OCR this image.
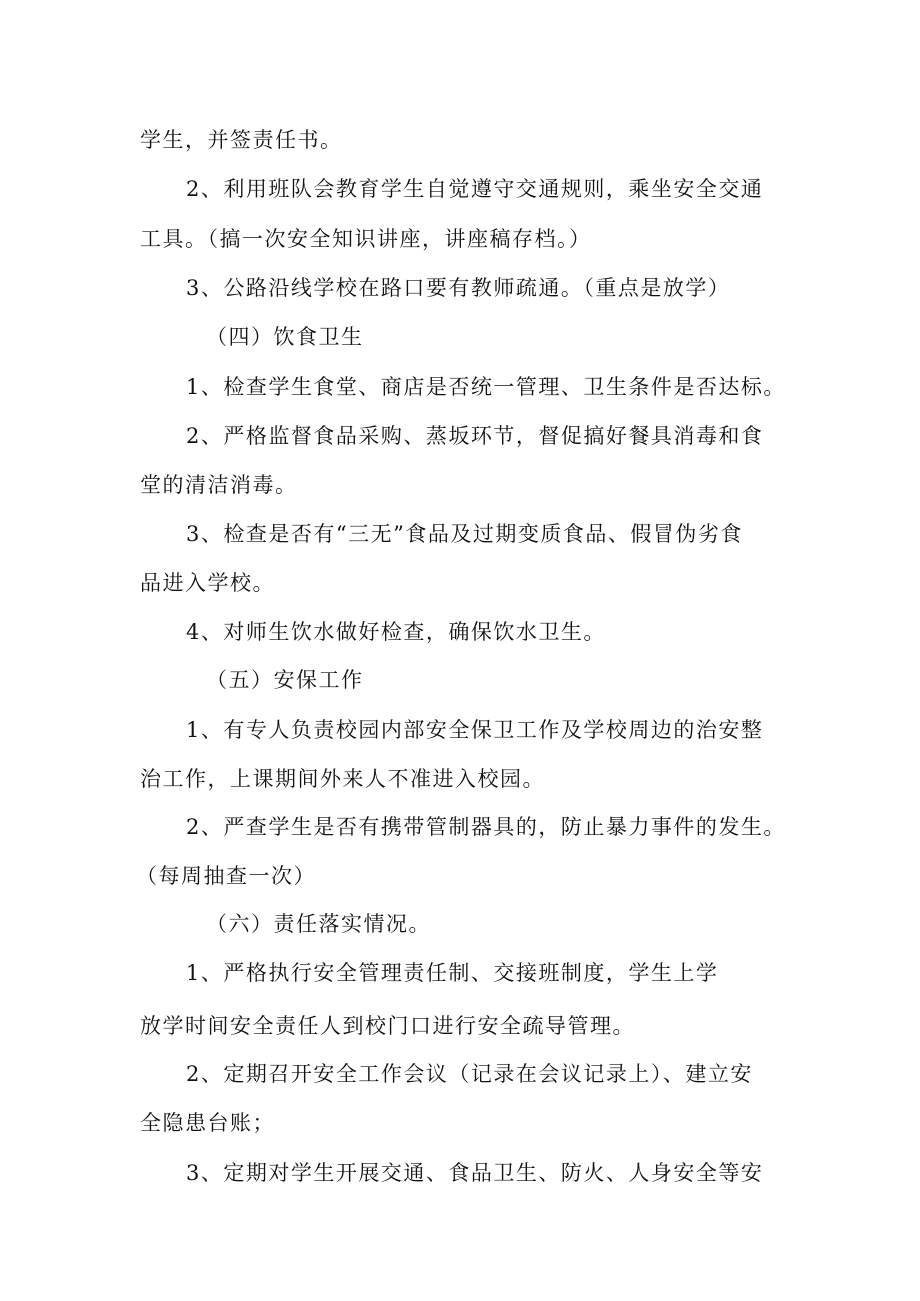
学生，并签责任书。
2、利用班队会教育学生自觉遵守交通规则，乘坐安全交通
工具。（搞一次安全知识讲座，讲座稿存档。）
3、公路沿线学校在路口要有教师疏通。（重点是放学）
（四）饮食卫生
1、检查学生食堂、商店是否统一管理、卫生条件是否达标。
2、严格监督食品采购、蒸坂环节，督促搞好餐具消毒和食
堂的清洁消毒。
3、检查是否有“三无”食品及过期变质食品、假冒伪劣食
品进入学校。
4、对师生饮水做好检查，确保饮水卫生。
（五）安保工作
1、有专人负责校园内部安全保卫工作及学校周边的治安整
治工作，上课期间外来人不准进入校园。
2、严查学生是否有携带管制器具的，防止暴力事件的发生。
（每周抽查一次）
（六）责任落实情况。
1、严格执行安全管理责任制、交接班制度，学生上学
放学时间安全责任人到校门口进行安全疏导管理。
2、定期召开安全工作会议（记录在会议记录上）、建立安
全隐患台账；
3、定期对学生开展交通、食品卫生、防火、人身安全等安
